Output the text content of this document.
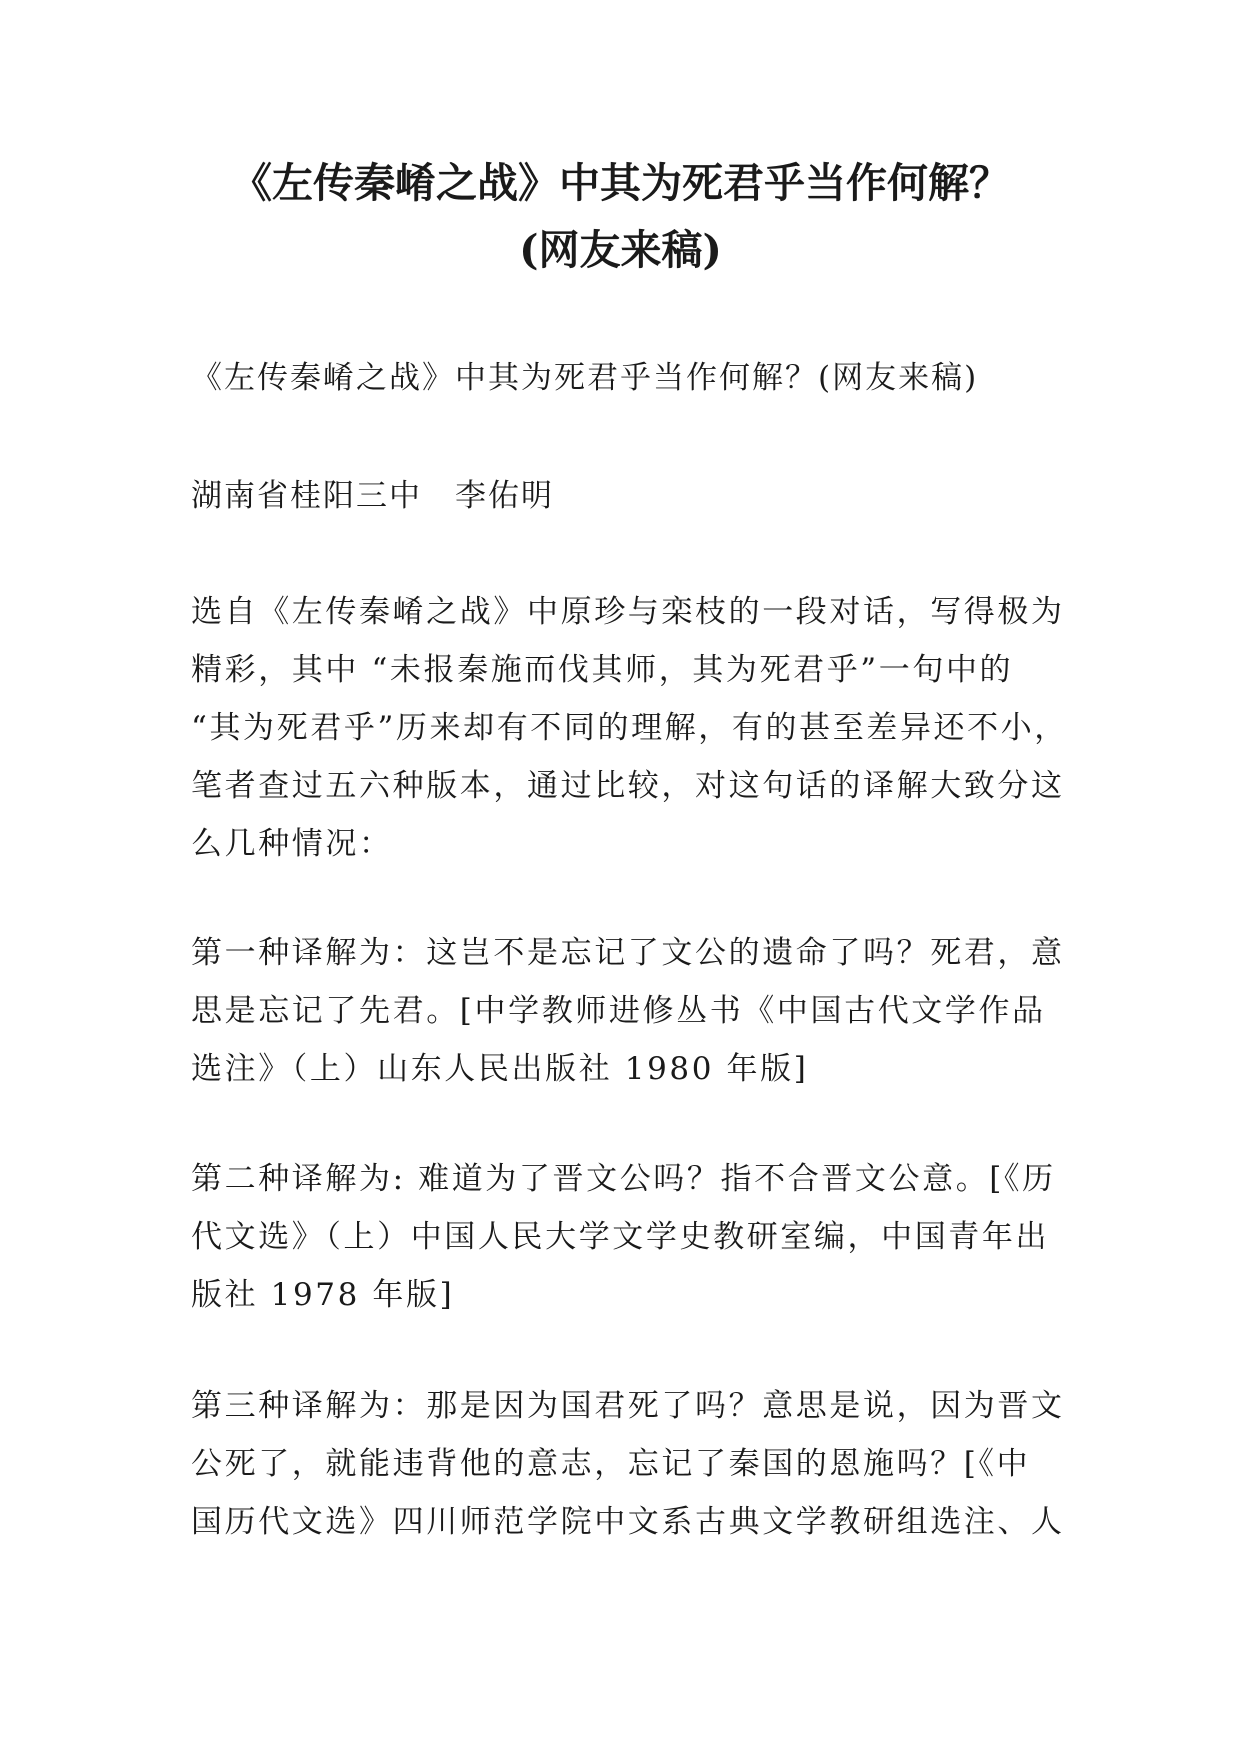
《左传秦崤之战》中其为死君乎当作何解？
(网友来稿)

《左传秦崤之战》中其为死君乎当作何解？(网友来稿)

湖南省桂阳三中　李佑明

选自《左传秦崤之战》中原珍与栾枝的一段对话，写得极为
精彩，其中 “未报秦施而伐其师，其为死君乎”一句中的
“其为死君乎”历来却有不同的理解，有的甚至差异还不小，
笔者查过五六种版本，通过比较，对这句话的译解大致分这
么几种情况：
第一种译解为：这岂不是忘记了文公的遗命了吗？死君，意
思是忘记了先君。[中学教师进修丛书《中国古代文学作品
选注》（上）山东人民出版社 1980 年版]
第二种译解为: 难道为了晋文公吗？指不合晋文公意。[《历
代文选》（上）中国人民大学文学史教研室编，中国青年出
版社 1978 年版]
第三种译解为：那是因为国君死了吗？意思是说，因为晋文
公死了，就能违背他的意志，忘记了秦国的恩施吗？[《中
国历代文选》四川师范学院中文系古典文学教研组选注、人
